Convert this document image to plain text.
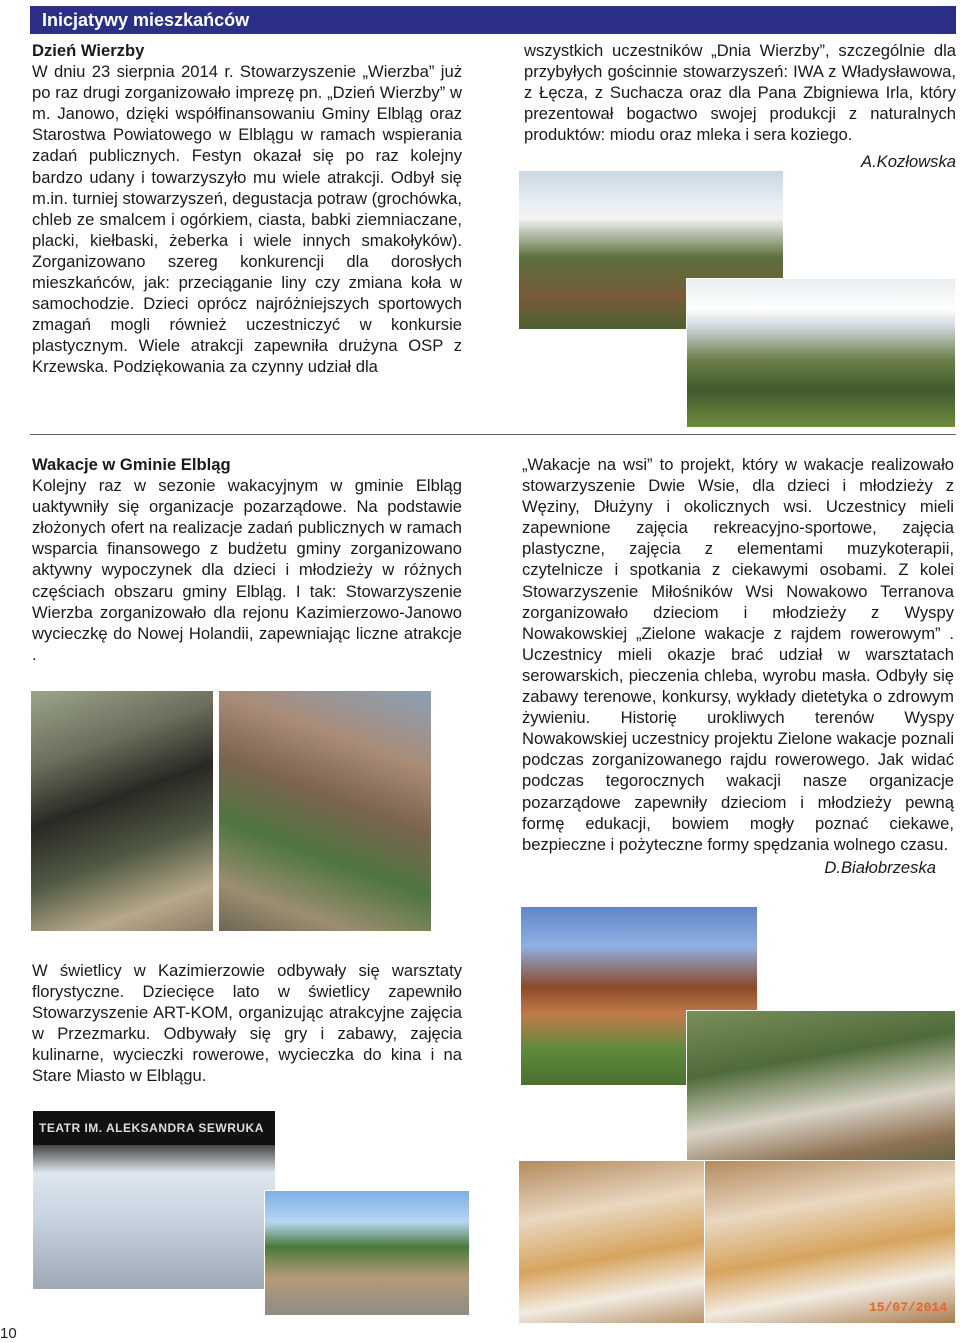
Inicjatywy mieszkańców
Dzień Wierzby

W dniu 23 sierpnia 2014 r. Stowarzyszenie „Wierzba” już po raz drugi zorganizowało imprezę pn. „Dzień Wierzby” w m. Janowo, dzięki współfinansowaniu Gminy Elbląg oraz Starostwa Powiatowego w Elblągu w ramach wspierania zadań publicznych. Festyn okazał się po raz kolejny bardzo udany i towarzyszyło mu wiele atrakcji. Odbył się m.in. turniej stowarzyszeń, degustacja potraw (grochówka, chleb ze smalcem i ogórkiem, ciasta, babki ziemniaczane, placki, kiełbaski, żeberka i wiele innych smakołyków). Zorganizowano szereg konkurencji dla dorosłych mieszkańców, jak: przeciąganie liny czy zmiana koła w samochodzie. Dzieci oprócz najróżniejszych sportowych zmagań mogli również uczestniczyć w konkursie plastycznym. Wiele atrakcji zapewniła drużyna OSP z Krzewska. Podziękowania za czynny udział dla

wszystkich uczestników „Dnia Wierzby”, szczególnie dla przybyłych gościnnie stowarzyszeń: IWA z Władysławowa, z Łęcza, z Suchacza oraz dla Pana Zbigniewa Irla, który prezentował bogactwo swojej produkcji z naturalnych produktów: miodu oraz mleka i sera koziego.

A.Kozłowska

Wakacje w Gminie Elbląg

Kolejny raz w sezonie wakacyjnym w gminie Elbląg uaktywniły się organizacje pozarządowe. Na podstawie złożonych ofert na realizacje zadań publicznych w ramach wsparcia finansowego z budżetu gminy zorganizowano aktywny wypoczynek dla dzieci i młodzieży w różnych częściach obszaru gminy Elbląg. I tak: Stowarzyszenie Wierzba zorganizowało dla rejonu Kazimierzowo-Janowo wycieczkę do Nowej Holandii, zapewniając liczne atrakcje .

„Wakacje na wsi” to projekt, który w wakacje realizowało stowarzyszenie Dwie Wsie, dla dzieci i młodzieży z Węziny, Dłużyny i okolicznych wsi. Uczestnicy mieli zapewnione zajęcia rekreacyjno-sportowe, zajęcia plastyczne, zajęcia z elementami muzykoterapii, czytelnicze i spotkania z ciekawymi osobami. Z kolei Stowarzyszenie Miłośników Wsi Nowakowo Terranova zorganizowało dzieciom i młodzieży z Wyspy Nowakowskiej „Zielone wakacje z rajdem rowerowym” . Uczestnicy mieli okazje brać udział w warsztatach serowarskich, pieczenia chleba, wyrobu masła. Odbyły się zabawy terenowe, konkursy, wykłady dietetyka o zdrowym żywieniu. Historię urokliwych terenów Wyspy Nowakowskiej uczestnicy projektu Zielone wakacje poznali podczas zorganizowanego rajdu rowerowego. Jak widać podczas tegorocznych wakacji nasze organizacje pozarządowe zapewniły dzieciom i młodzieży pewną formę edukacji, bowiem mogły poznać ciekawe, bezpieczne i pożyteczne formy spędzania wolnego czasu.

D.Białobrzeska

W świetlicy w Kazimierzowie odbywały się warsztaty florystyczne. Dziecięce lato w świetlicy zapewniło Stowarzyszenie ART-KOM, organizując atrakcyjne zajęcia w Przezmarku. Odbywały się gry i zabawy, zajęcia kulinarne, wycieczki rowerowe, wycieczka do kina i na Stare Miasto w Elblągu.

TEATR IM. ALEKSANDRA SEWRUKA
15/07/2014
10
